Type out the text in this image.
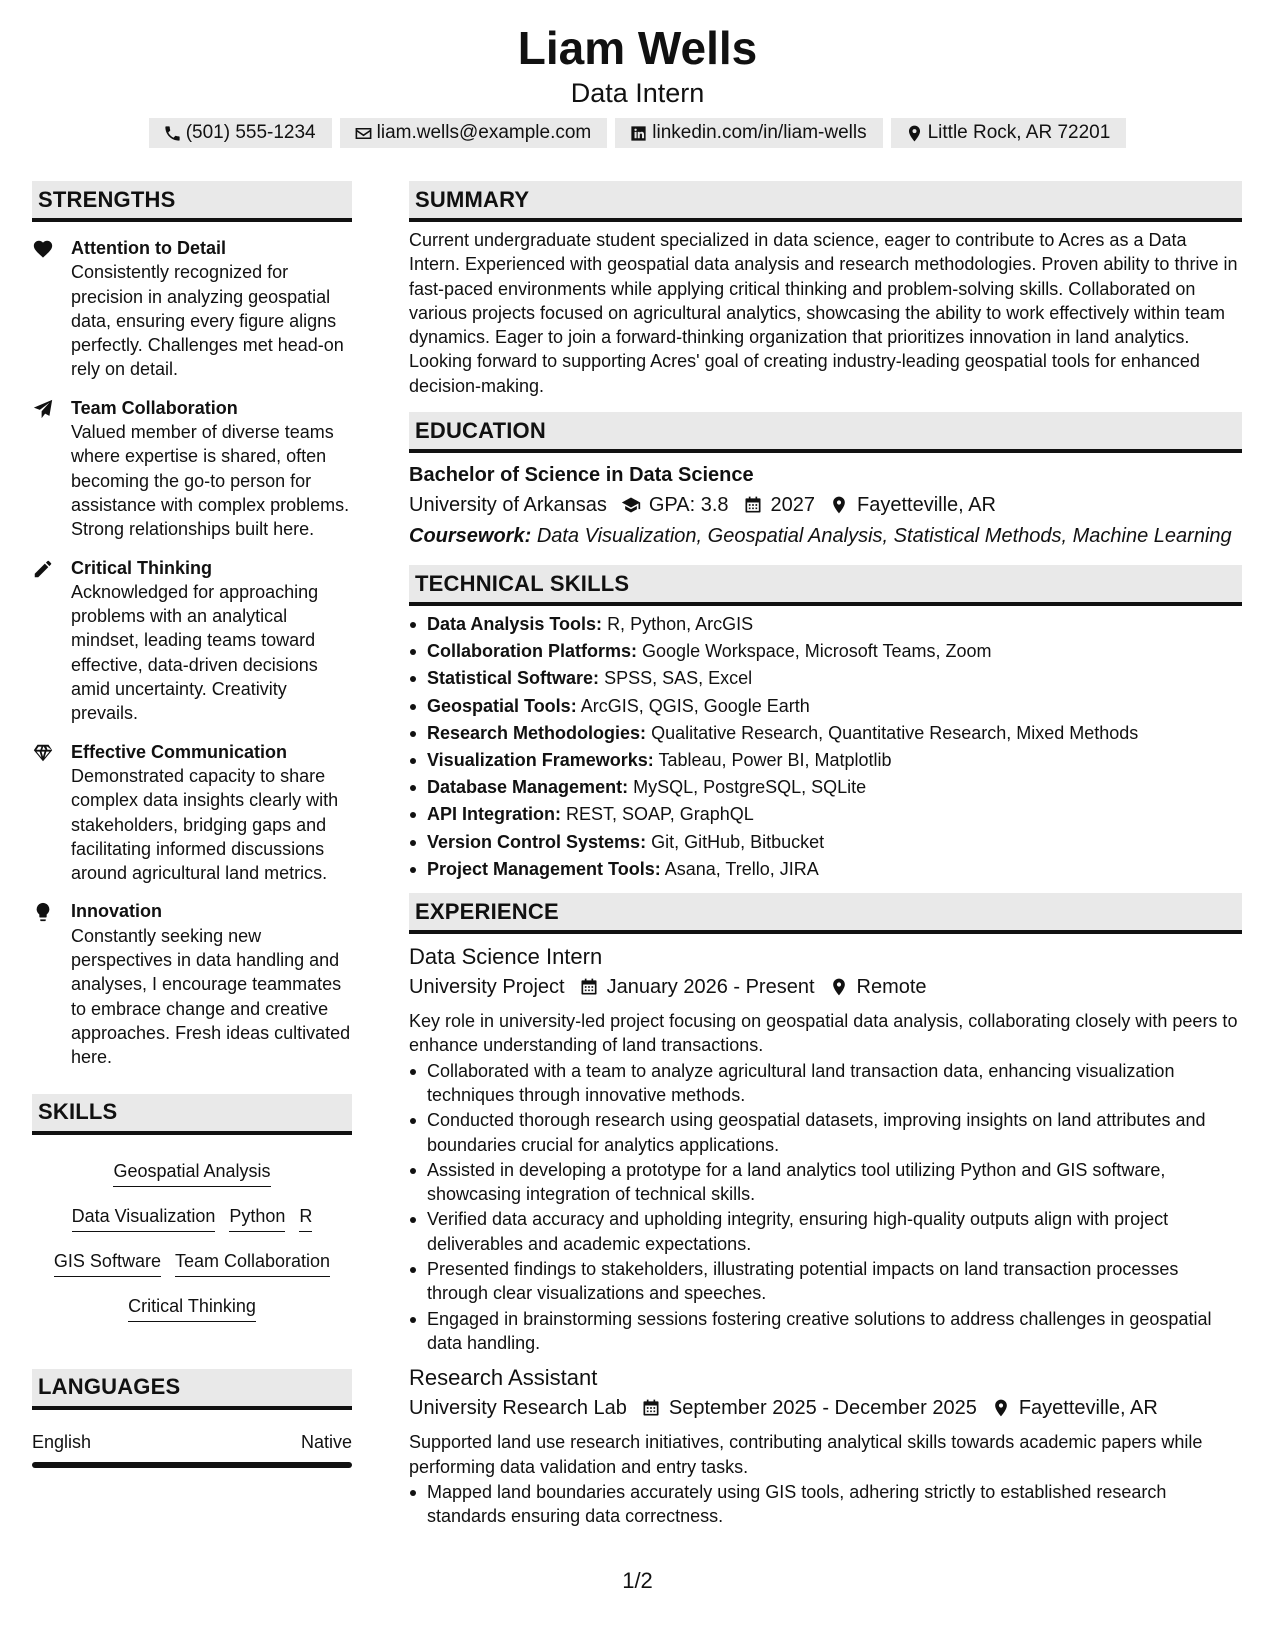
Liam Wells
Data Intern
(501) 555-1234	liam.wells@example.com	linkedin.com/in/liam-wells	Little Rock, AR 72201
STRENGTHS
Attention to Detail
Consistently recognized for precision in analyzing geospatial data, ensuring every figure aligns perfectly. Challenges met head-on rely on detail.
Team Collaboration
Valued member of diverse teams where expertise is shared, often becoming the go-to person for assistance with complex problems. Strong relationships built here.
Critical Thinking
Acknowledged for approaching problems with an analytical mindset, leading teams toward effective, data-driven decisions amid uncertainty. Creativity prevails.
Effective Communication
Demonstrated capacity to share complex data insights clearly with stakeholders, bridging gaps and facilitating informed discussions around agricultural land metrics.
Innovation
Constantly seeking new perspectives in data handling and analyses, I encourage teammates to embrace change and creative approaches. Fresh ideas cultivated here.
SKILLS
Geospatial Analysis
Data Visualization Python R
GIS Software Team Collaboration
Critical Thinking
LANGUAGES
English	Native
SUMMARY
Current undergraduate student specialized in data science, eager to contribute to Acres as a Data Intern. Experienced with geospatial data analysis and research methodologies. Proven ability to thrive in fast-paced environments while applying critical thinking and problem-solving skills. Collaborated on various projects focused on agricultural analytics, showcasing the ability to work effectively within team dynamics. Eager to join a forward-thinking organization that prioritizes innovation in land analytics. Looking forward to supporting Acres' goal of creating industry-leading geospatial tools for enhanced decision-making.
EDUCATION
Bachelor of Science in Data Science
University of Arkansas GPA: 3.8 2027 Fayetteville, AR
Coursework: Data Visualization, Geospatial Analysis, Statistical Methods, Machine Learning
TECHNICAL SKILLS
Data Analysis Tools: R, Python, ArcGIS
Collaboration Platforms: Google Workspace, Microsoft Teams, Zoom
Statistical Software: SPSS, SAS, Excel
Geospatial Tools: ArcGIS, QGIS, Google Earth
Research Methodologies: Qualitative Research, Quantitative Research, Mixed Methods
Visualization Frameworks: Tableau, Power BI, Matplotlib
Database Management: MySQL, PostgreSQL, SQLite
API Integration: REST, SOAP, GraphQL
Version Control Systems: Git, GitHub, Bitbucket
Project Management Tools: Asana, Trello, JIRA
EXPERIENCE
Data Science Intern
University Project January 2026 - Present Remote
Key role in university-led project focusing on geospatial data analysis, collaborating closely with peers to enhance understanding of land transactions.
Collaborated with a team to analyze agricultural land transaction data, enhancing visualization techniques through innovative methods.
Conducted thorough research using geospatial datasets, improving insights on land attributes and boundaries crucial for analytics applications.
Assisted in developing a prototype for a land analytics tool utilizing Python and GIS software, showcasing integration of technical skills.
Verified data accuracy and upholding integrity, ensuring high-quality outputs align with project deliverables and academic expectations.
Presented findings to stakeholders, illustrating potential impacts on land transaction processes through clear visualizations and speeches.
Engaged in brainstorming sessions fostering creative solutions to address challenges in geospatial data handling.
Research Assistant
University Research Lab September 2025 - December 2025 Fayetteville, AR
Supported land use research initiatives, contributing analytical skills towards academic papers while performing data validation and entry tasks.
Mapped land boundaries accurately using GIS tools, adhering strictly to established research standards ensuring data correctness.
1/2
